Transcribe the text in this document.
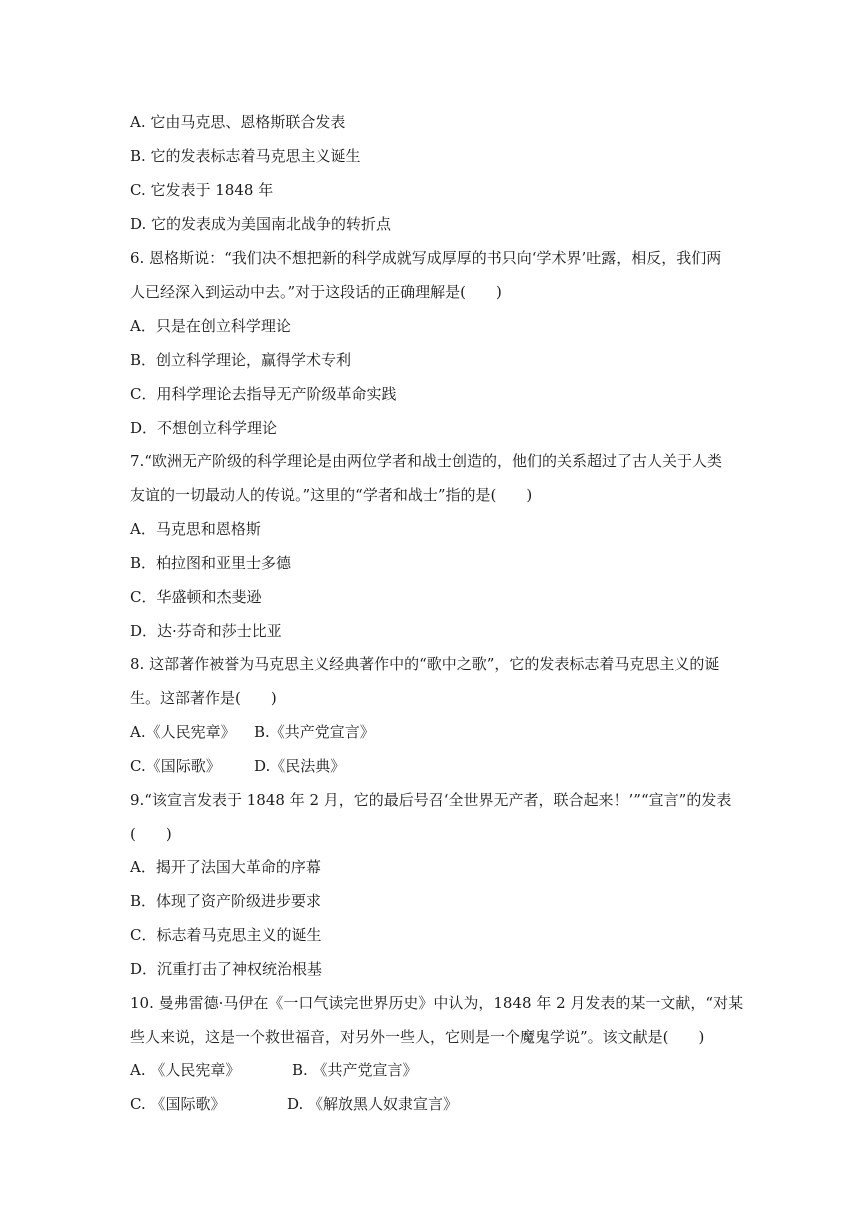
A. 它由马克思、恩格斯联合发表
B. 它的发表标志着马克思主义诞生
C. 它发表于 1848 年
D. 它的发表成为美国南北战争的转折点
6. 恩格斯说：“我们决不想把新的科学成就写成厚厚的书只向‘学术界’吐露，相反，我们两
人已经深入到运动中去。”对于这段话的正确理解是(　　)
A．只是在创立科学理论
B．创立科学理论，赢得学术专利
C．用科学理论去指导无产阶级革命实践
D．不想创立科学理论
7.“欧洲无产阶级的科学理论是由两位学者和战士创造的，他们的关系超过了古人关于人类
友谊的一切最动人的传说。”这里的“学者和战士”指的是(　　)
A．马克思和恩格斯
B．柏拉图和亚里士多德
C．华盛顿和杰斐逊
D．达·芬奇和莎士比亚
8. 这部著作被誉为马克思主义经典著作中的“歌中之歌”，它的发表标志着马克思主义的诞
生。这部著作是(　　)
A.《人民宪章》 B.《共产党宣言》
C.《国际歌》 D.《民法典》
9.“该宣言发表于 1848 年 2 月，它的最后号召‘全世界无产者，联合起来！’”“宣言”的发表
(　　)
A．揭开了法国大革命的序幕
B．体现了资产阶级进步要求
C．标志着马克思主义的诞生
D．沉重打击了神权统治根基
10. 曼弗雷德·马伊在《一口气读完世界历史》中认为，1848 年 2 月发表的某一文献，“对某
些人来说，这是一个救世福音，对另外一些人，它则是一个魔鬼学说”。该文献是(　　)
A. 《人民宪章》	B. 《共产党宣言》
C. 《国际歌》	D. 《解放黑人奴隶宣言》
